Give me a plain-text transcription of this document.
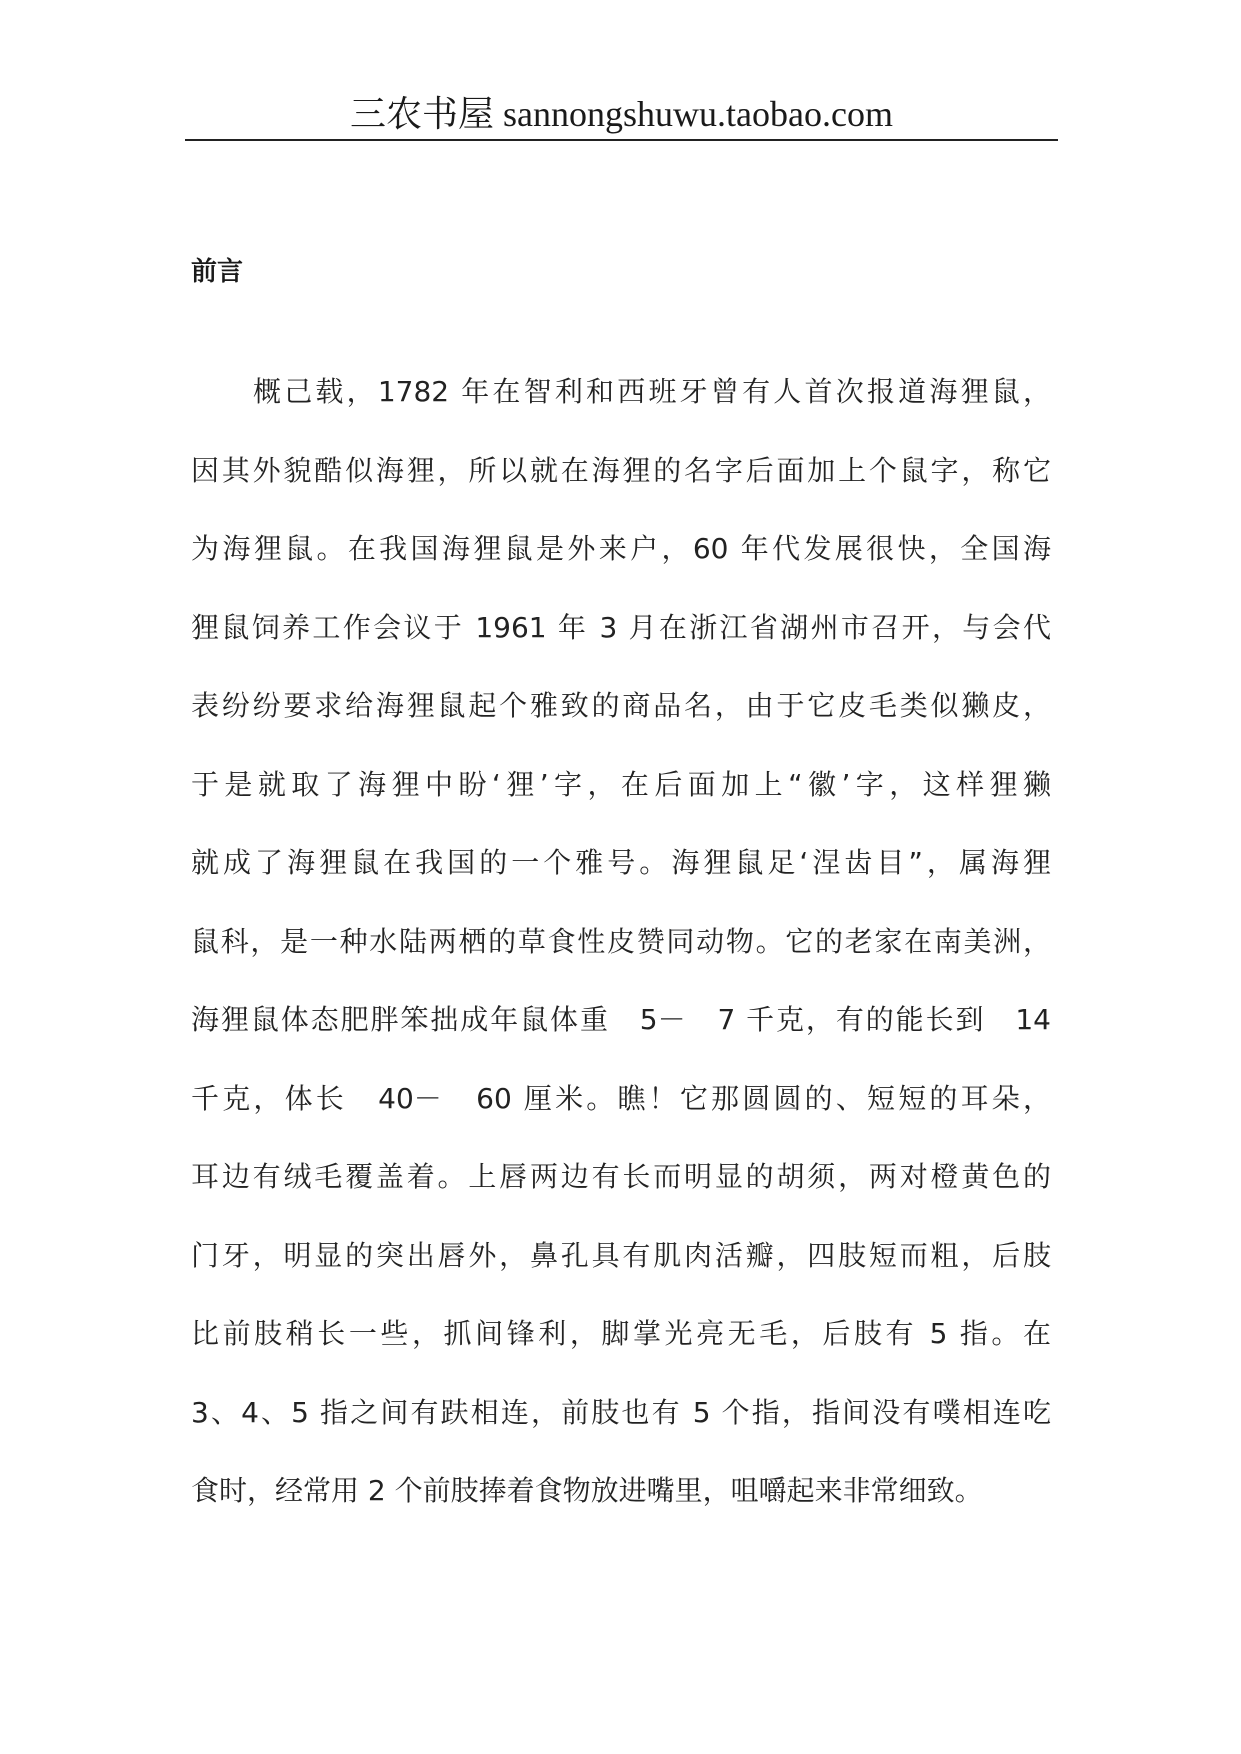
三农书屋 sannongshuwu.taobao.com
前言
概己载，1782 年在智利和西班牙曾有人首次报道海狸鼠，
因其外貌酷似海狸，所以就在海狸的名字后面加上个鼠字，称它
为海狸鼠。在我国海狸鼠是外来户，60 年代发展很快，全国海
狸鼠饲养工作会议于 1961 年 3 月在浙江省湖州市召开，与会代
表纷纷要求给海狸鼠起个雅致的商品名，由于它皮毛类似獭皮，
于是就取了海狸中盼‘狸’字，在后面加上“徽’字，这样狸獭
就成了海狸鼠在我国的一个雅号。海狸鼠足‘涅齿目”，属海狸
鼠科，是一种水陆两栖的草食性皮赞同动物。它的老家在南美洲，
海狸鼠体态肥胖笨拙成年鼠体重　5－　7 千克，有的能长到　14
千克，体长　40－　60 厘米。瞧！它那圆圆的、短短的耳朵，
耳边有绒毛覆盖着。上唇两边有长而明显的胡须，两对橙黄色的
门牙，明显的突出唇外，鼻孔具有肌肉活瓣，四肢短而粗，后肢
比前肢稍长一些，抓间锋利，脚掌光亮无毛，后肢有 5 指。在
3、4、5 指之间有趺相连，前肢也有 5 个指，指间没有噗相连吃
食时，经常用 2 个前肢捧着食物放进嘴里，咀嚼起来非常细致。
